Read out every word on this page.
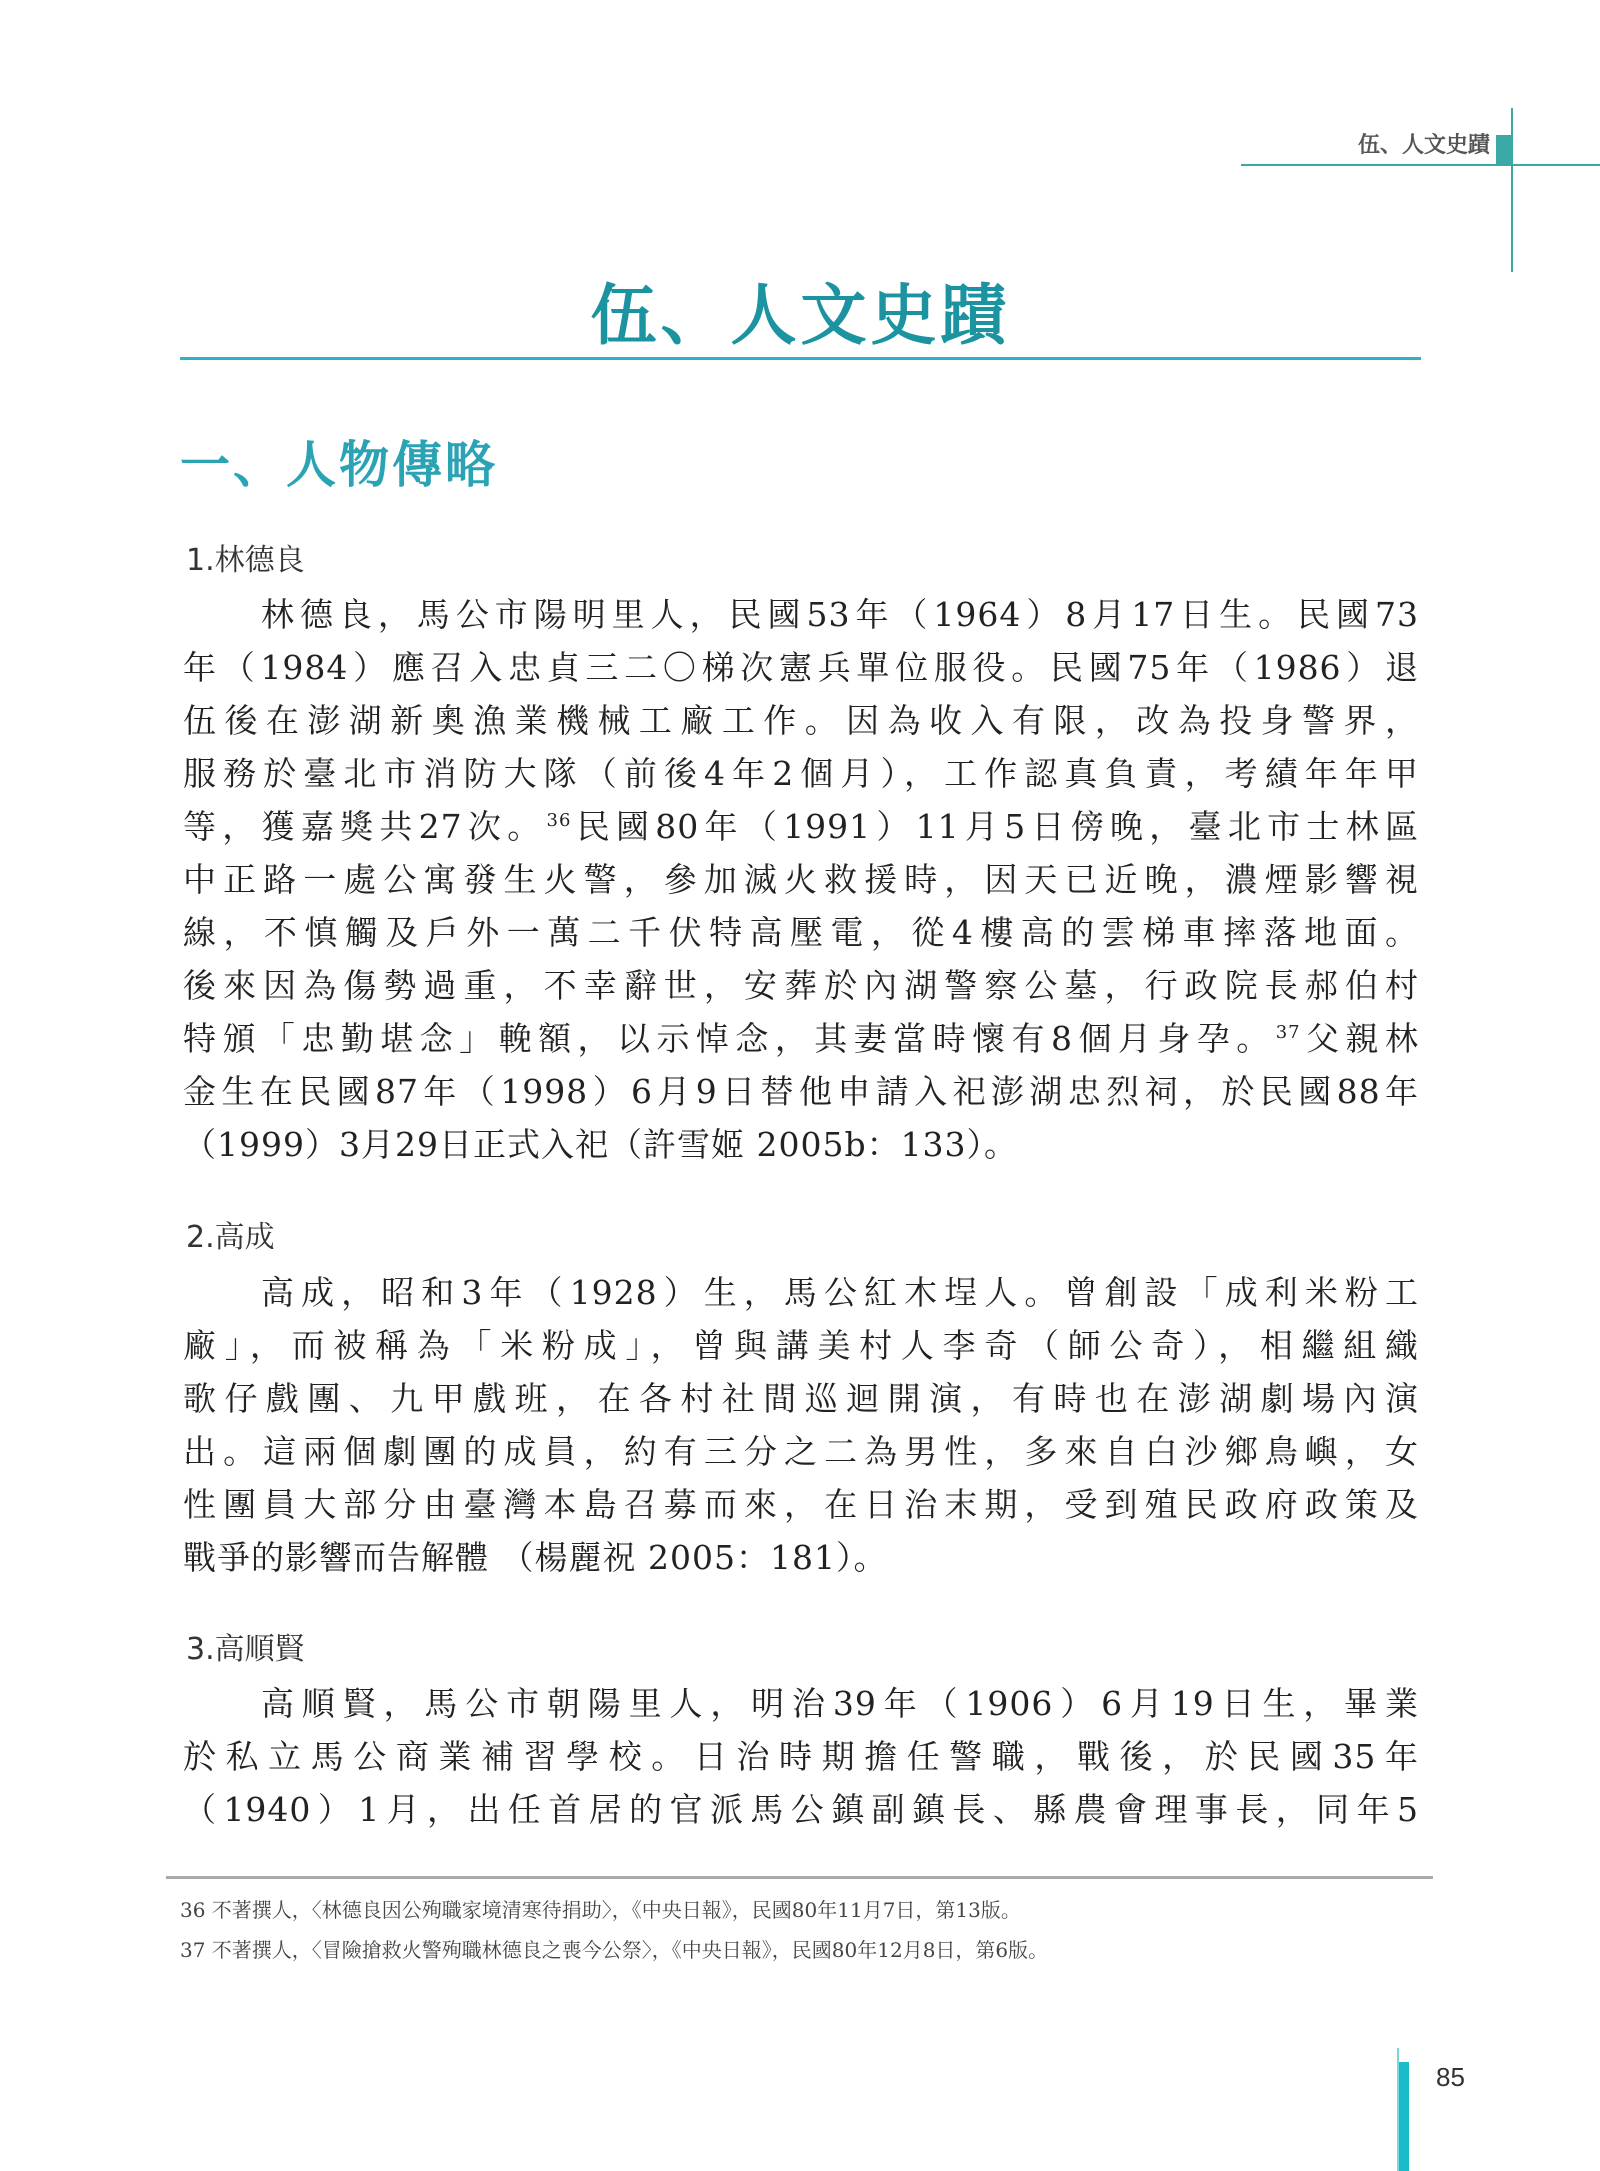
伍、人文史蹟
伍、人文史蹟
一、人物傳略
1.林德良
林德良，馬公市陽明里人，民國53年（1964）8月17日生。民國73
年（1984）應召入忠貞三二〇梯次憲兵單位服役。民國75年（1986）退
伍後在澎湖新奧漁業機械工廠工作。因為收入有限，改為投身警界，
服務於臺北市消防大隊（前後4年2個月），工作認真負責，考績年年甲
等，獲嘉獎共27次。$^{36}$民國80年（1991）11月5日傍晚，臺北市士林區
中正路一處公寓發生火警，參加滅火救援時，因天已近晚，濃煙影響視
線，不慎觸及戶外一萬二千伏特高壓電，從4樓高的雲梯車摔落地面。
後來因為傷勢過重，不幸辭世，安葬於內湖警察公墓，行政院長郝伯村
特頒「忠勤堪念」輓額，以示悼念，其妻當時懷有8個月身孕。$^{37}$父親林
金生在民國87年（1998）6月9日替他申請入祀澎湖忠烈祠，於民國88年
（1999）3月29日正式入祀（許雪姬 2005b：133）。
2.高成
高成，昭和3年（1928）生，馬公紅木埕人。曾創設「成利米粉工
廠」，而被稱為「米粉成」，曾與講美村人李奇（師公奇），相繼組織
歌仔戲團、九甲戲班，在各村社間巡迴開演，有時也在澎湖劇場內演
出。這兩個劇團的成員，約有三分之二為男性，多來自白沙鄉鳥嶼，女
性團員大部分由臺灣本島召募而來，在日治末期，受到殖民政府政策及
戰爭的影響而告解體 （楊麗祝 2005：181）。
3.高順賢
高順賢，馬公市朝陽里人，明治39年（1906）6月19日生，畢業
於私立馬公商業補習學校。日治時期擔任警職，戰後，於民國35年
（1940）1月，出任首居的官派馬公鎮副鎮長、縣農會理事長，同年5
36 不著撰人，〈林德良因公殉職家境清寒待捐助〉，《中央日報》，民國80年11月7日，第13版。
37 不著撰人，〈冒險搶救火警殉職林德良之喪今公祭〉，《中央日報》，民國80年12月8日，第6版。
85
